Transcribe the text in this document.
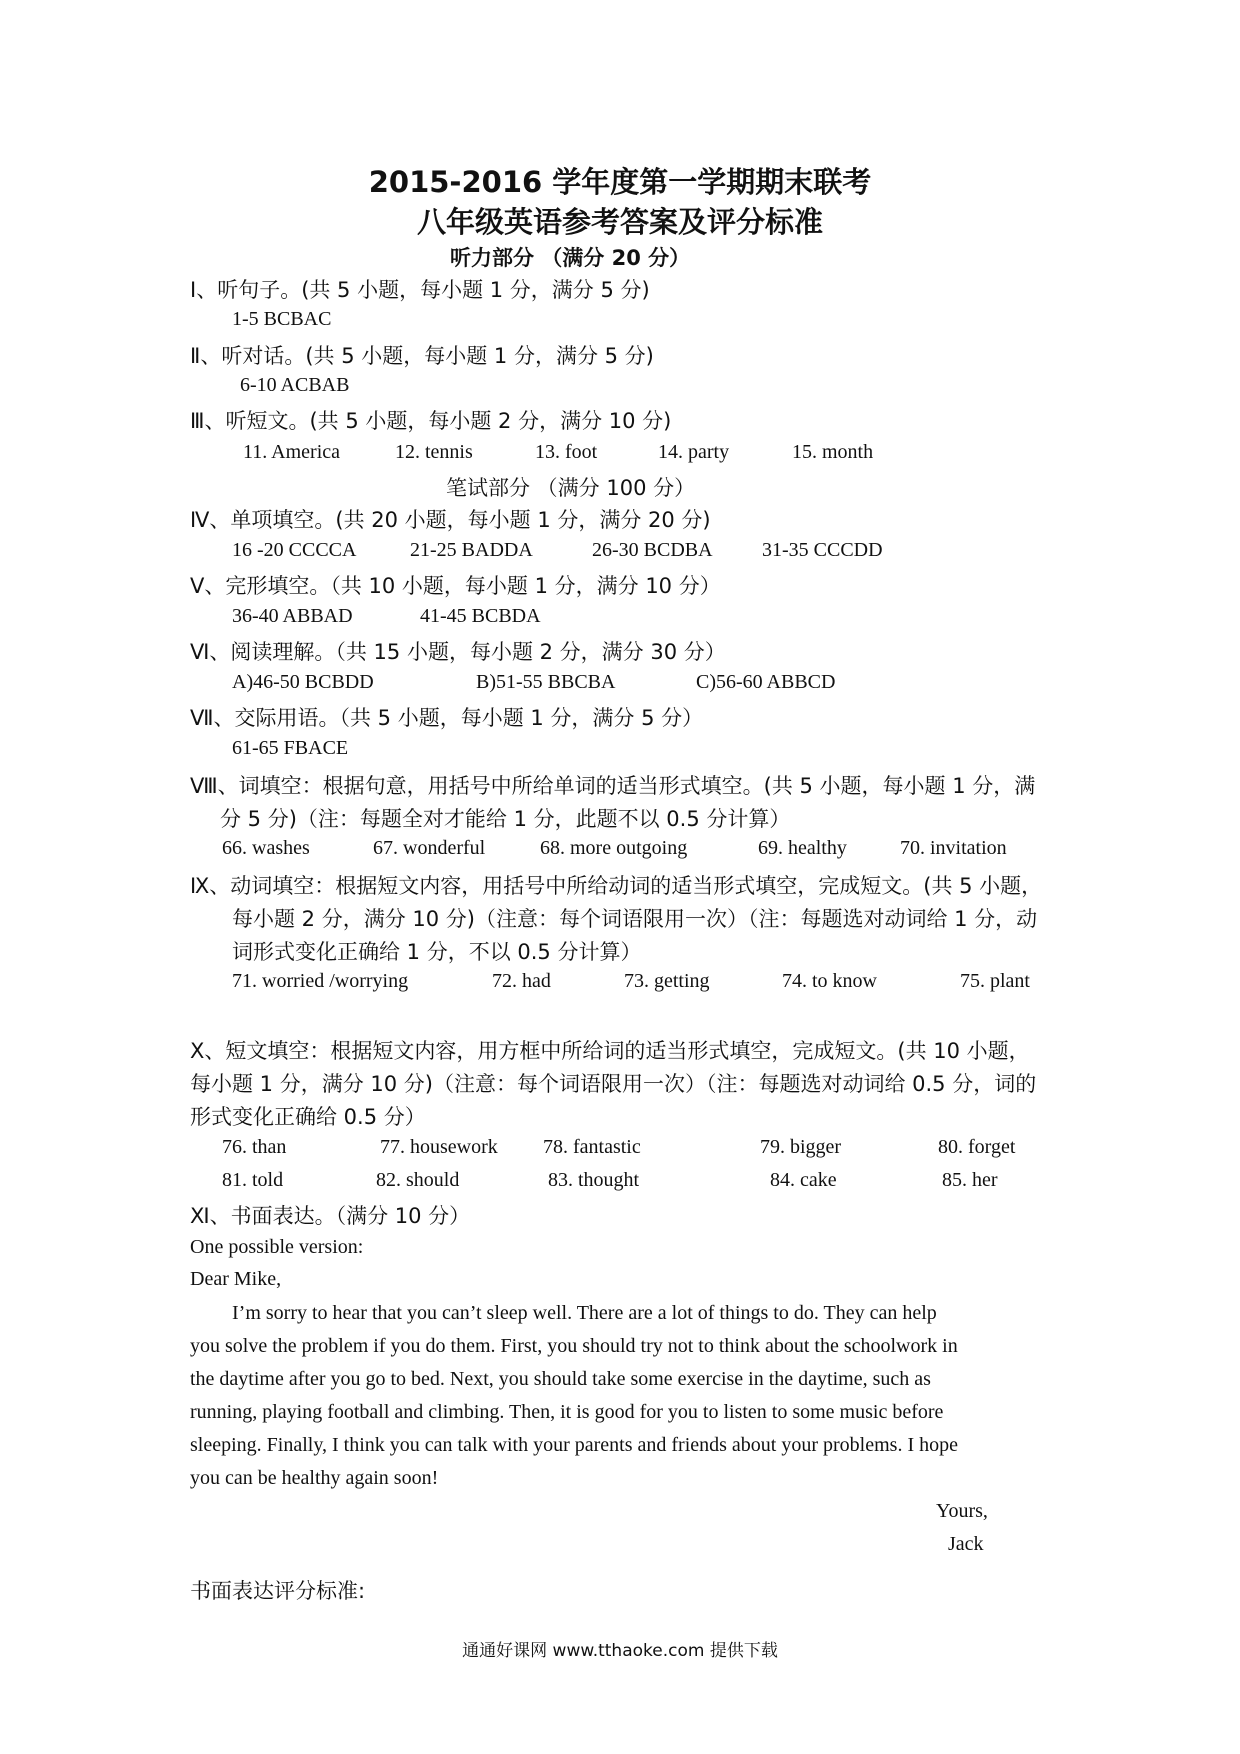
2015-2016 学年度第一学期期末联考
八年级英语参考答案及评分标准
听力部分 （满分 20 分）
Ⅰ、听句子。(共 5 小题，每小题 1 分，满分 5 分)
1-5 BCBAC
Ⅱ、听对话。(共 5 小题，每小题 1 分，满分 5 分)
6-10 ACBAB
Ⅲ、听短文。(共 5 小题，每小题 2 分，满分 10 分)
11. America	12. tennis	13. foot	14. party	15. month
笔试部分 （满分 100 分）
Ⅳ、单项填空。(共 20 小题，每小题 1 分，满分 20 分)
16 -20 CCCCA	21-25 BADDA	26-30 BCDBA 31-35 CCCDD
Ⅴ、完形填空。（共 10 小题，每小题 1 分，满分 10 分）
36-40 ABBAD	41-45 BCBDA
Ⅵ、阅读理解。（共 15 小题，每小题 2 分，满分 30 分）
A)46-50 BCBDD	B)51-55 BBCBA	C)56-60 ABBCD
Ⅶ、交际用语。（共 5 小题，每小题 1 分，满分 5 分）
61-65 FBACE
Ⅷ、词填空：根据句意，用括号中所给单词的适当形式填空。(共 5 小题，每小题 1 分，满
分 5 分)（注：每题全对才能给 1 分，此题不以 0.5 分计算）
66. washes	67. wonderful	68. more outgoing	69. healthy	70. invitation
Ⅸ、动词填空：根据短文内容，用括号中所给动词的适当形式填空，完成短文。(共 5 小题，
每小题 2 分，满分 10 分)（注意：每个词语限用一次）（注：每题选对动词给 1 分，动
词形式变化正确给 1 分，不以 0.5 分计算）
71. worried /worrying	72. had	73. getting	74. to know	75. plant
Ⅹ、短文填空：根据短文内容，用方框中所给词的适当形式填空，完成短文。(共 10 小题，
每小题 1 分，满分 10 分)（注意：每个词语限用一次）（注：每题选对动词给 0.5 分，词的
形式变化正确给 0.5 分）
76. than	77. housework 78. fantastic	79. bigger	80. forget
81. told	82. should	83. thought	84. cake	85. her
Ⅺ、书面表达。（满分 10 分）
One possible version:
Dear Mike,
I’m sorry to hear that you can’t sleep well. There are a lot of things to do. They can help
you solve the problem if you do them. First, you should try not to think about the schoolwork in
the daytime after you go to bed. Next, you should take some exercise in the daytime, such as
running, playing football and climbing. Then, it is good for you to listen to some music before
sleeping. Finally, I think you can talk with your parents and friends about your problems. I hope
you can be healthy again soon!
Yours,
Jack
书面表达评分标准:
通通好课网 www.tthaoke.com 提供下载
